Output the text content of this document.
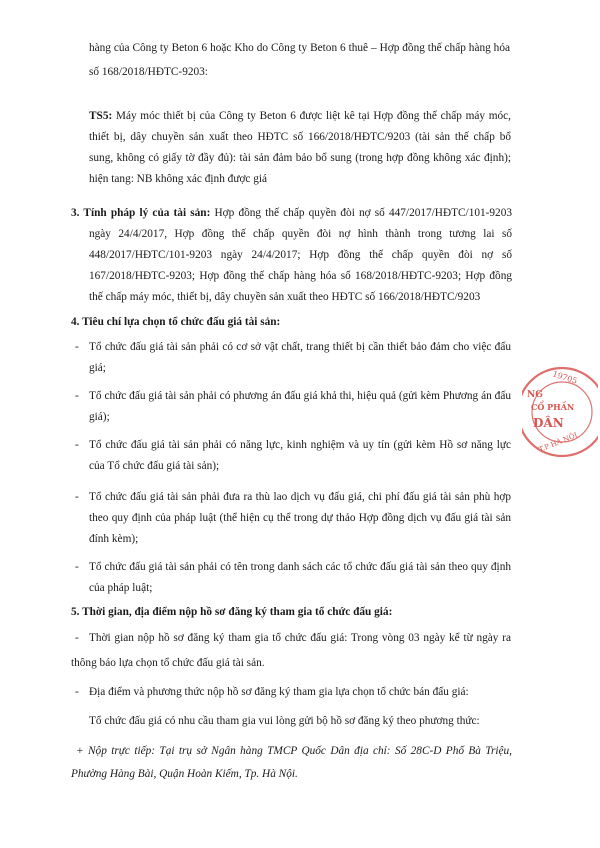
hàng của Công ty Beton 6 hoặc Kho do Công ty Beton 6 thuê – Hợp đồng thế chấp hàng hóa

số 168/2018/HĐTC-9203:

TS5: Máy móc thiết bị của Công ty Beton 6 được liệt kê tại Hợp đồng thế chấp máy móc,

thiết bị, dây chuyền sản xuất theo HĐTC số 166/2018/HĐTC/9203 (tài sản thế chấp bổ

sung, không có giấy tờ đầy đủ): tài sản đảm bảo bổ sung (trong hợp đồng không xác định);

hiện tang: NB không xác định được giá

3. Tính pháp lý của tài sản: Hợp đồng thế chấp quyền đòi nợ số 447/2017/HĐTC/101-9203

ngày 24/4/2017, Hợp đồng thế chấp quyền đòi nợ hình thành trong tương lai số

448/2017/HĐTC/101-9203 ngày 24/4/2017; Hợp đồng thế chấp quyền đòi nợ số

167/2018/HĐTC-9203; Hợp đồng thế chấp hàng hóa số 168/2018/HĐTC-9203; Hợp đồng

thế chấp máy móc, thiết bị, dây chuyền sản xuất theo HĐTC số 166/2018/HĐTC/9203

4. Tiêu chí lựa chọn tổ chức đấu giá tài sản:

- Tổ chức đấu giá tài sản phải có cơ sở vật chất, trang thiết bị cần thiết bảo đảm cho việc đấu

giá;

- Tổ chức đấu giá tài sản phải có phương án đấu giá khả thi, hiệu quả (gửi kèm Phương án đấu

giá);

- Tổ chức đấu giá tài sản phải có năng lực, kinh nghiệm và uy tín (gửi kèm Hồ sơ năng lực

của Tổ chức đấu giá tài sản);

- Tổ chức đấu giá tài sản phải đưa ra thù lao dịch vụ đấu giá, chi phí đấu giá tài sản phù hợp

theo quy định của pháp luật (thể hiện cụ thể trong dự thảo Hợp đồng dịch vụ đấu giá tài sản

đính kèm);

- Tổ chức đấu giá tài sản phải có tên trong danh sách các tổ chức đấu giá tài sản theo quy định

của pháp luật;

5. Thời gian, địa điểm nộp hồ sơ đăng ký tham gia tổ chức đấu giá:

- Thời gian nộp hồ sơ đăng ký tham gia tổ chức đấu giá: Trong vòng 03 ngày kể từ ngày ra

thông báo lựa chọn tổ chức đấu giá tài sản.

- Địa điểm và phương thức nộp hồ sơ đăng ký tham gia lựa chọn tổ chức bán đấu giá:

Tổ chức đấu giá có nhu cầu tham gia vui lòng gửi bộ hồ sơ đăng ký theo phương thức:

+ Nộp trực tiếp: Tại trụ sở Ngân hàng TMCP Quốc Dân địa chỉ: Số 28C-D Phố Bà Triệu,

Phường Hàng Bài, Quận Hoàn Kiếm, Tp. Hà Nội.

19705
NG
CỔ PHẦN
DÂN
T.P HÀ NỘI
